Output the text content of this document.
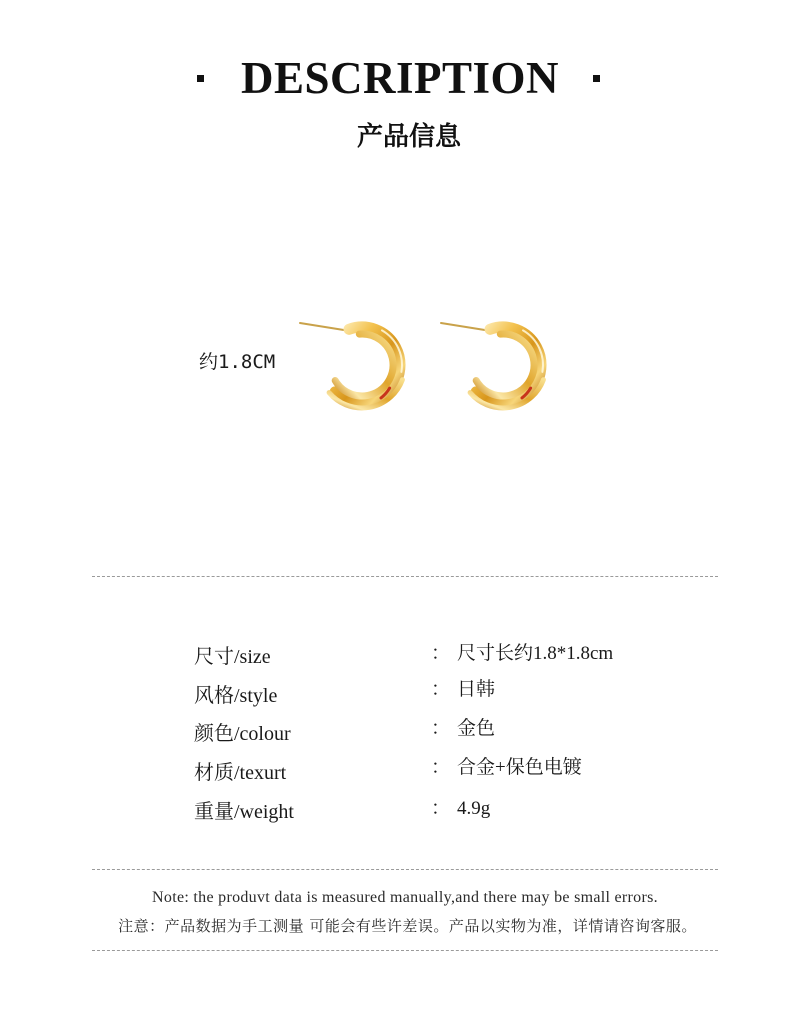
DESCRIPTION
产品信息
约1.8CM
尺寸/size	： 尺寸长约1.8*1.8cm
风格/style	： 日韩
颜色/colour	： 金色
材质/texurt	： 合金+保色电镀
重量/weight	： 4.9g
Note: the produvt data is measured manually,and there may be small errors.
注意：产品数据为手工测量 可能会有些许差误。产品以实物为准，详情请咨询客服。
